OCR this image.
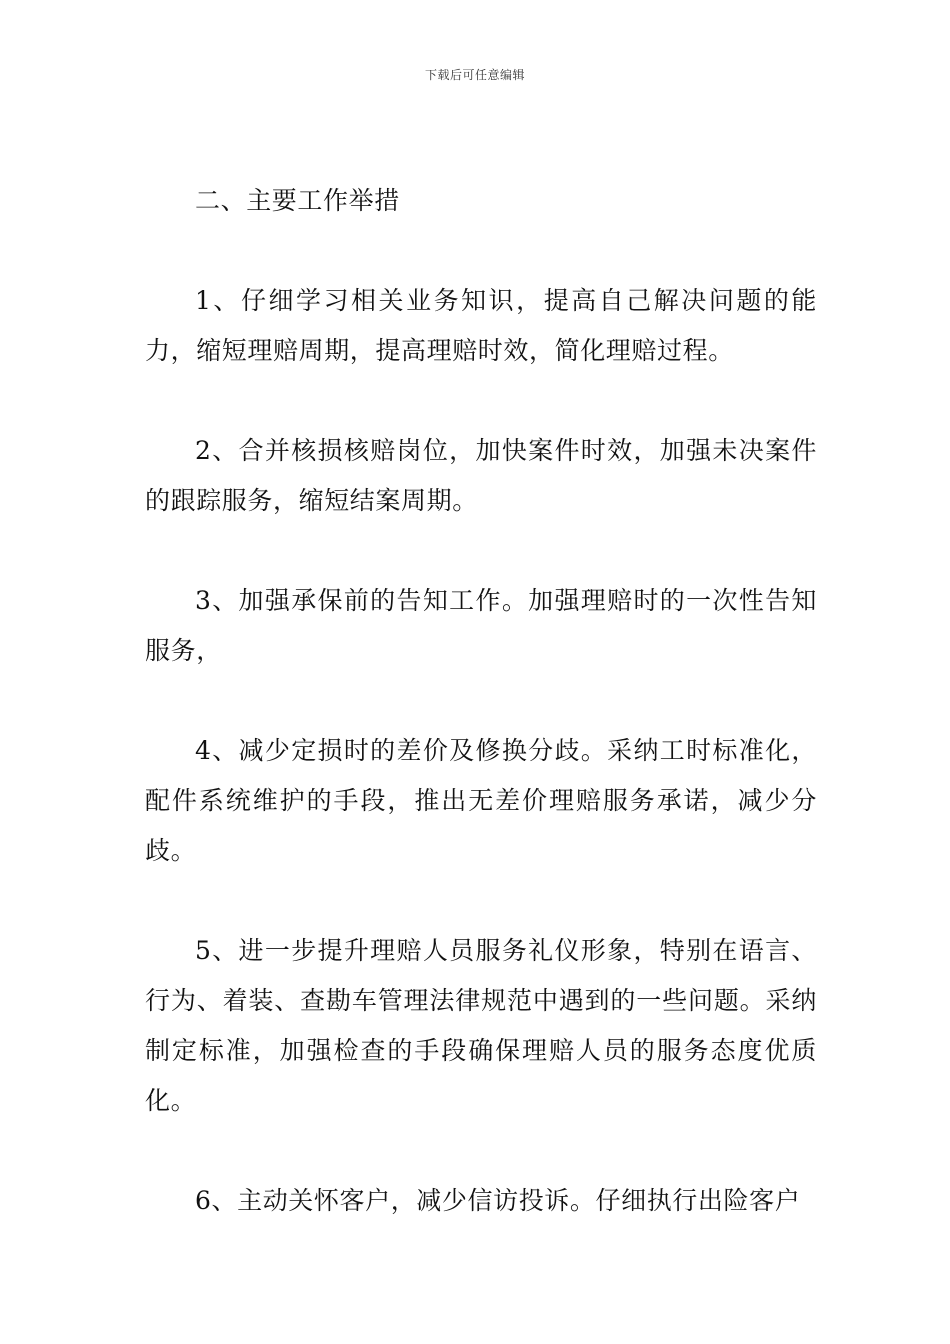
下载后可任意编辑

二、主要工作举措

1、仔细学习相关业务知识，提高自己解决问题的能力，缩短理赔周期，提高理赔时效，简化理赔过程。

2、合并核损核赔岗位，加快案件时效，加强未决案件的跟踪服务，缩短结案周期。

3、加强承保前的告知工作。加强理赔时的一次性告知服务，

4、减少定损时的差价及修换分歧。采纳工时标准化，配件系统维护的手段，推出无差价理赔服务承诺，减少分歧。

5、进一步提升理赔人员服务礼仪形象，特别在语言、行为、着装、查勘车管理法律规范中遇到的一些问题。采纳制定标准，加强检查的手段确保理赔人员的服务态度优质化。

6、主动关怀客户，减少信访投诉。仔细执行出险客户
